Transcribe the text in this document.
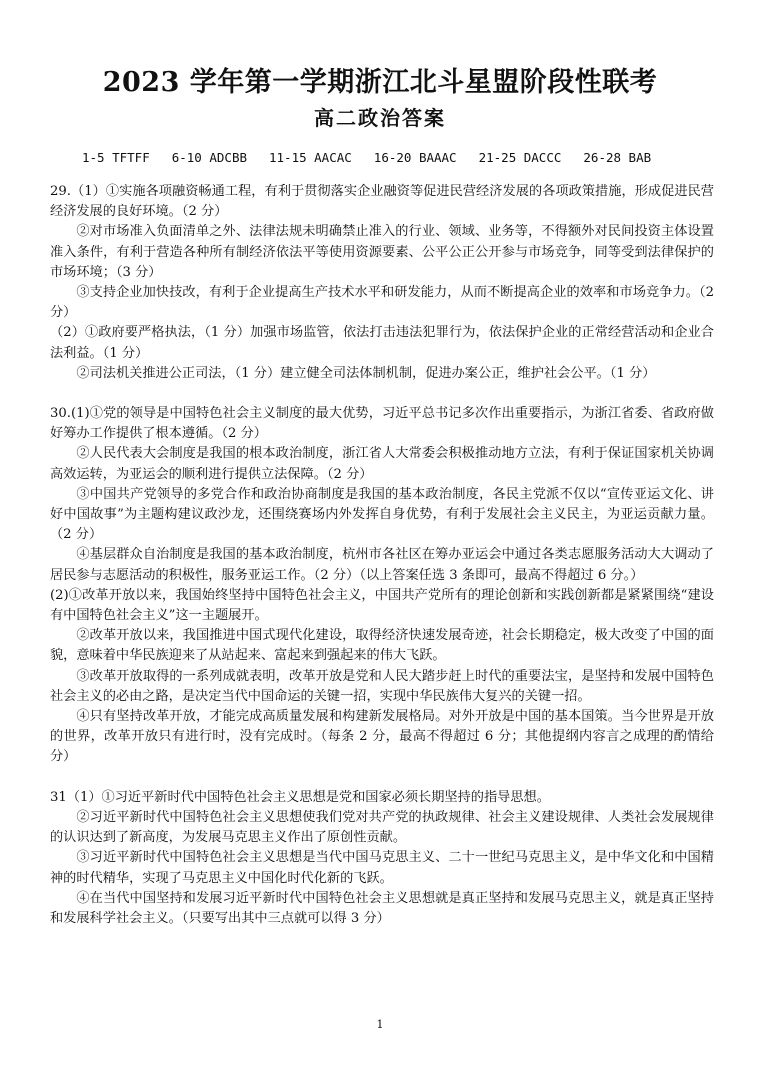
2023 学年第一学期浙江北斗星盟阶段性联考
高二政治答案
1-5 TFTFF 6-10 ADCBB 11-15 AACAC 16-20 BAAAC 21-25 DACCC 26-28 BAB

29.（1）①实施各项融资畅通工程，有利于贯彻落实企业融资等促进民营经济发展的各项政策措施，形成促进民营经济发展的良好环境。（2 分）

②对市场准入负面清单之外、法律法规未明确禁止准入的行业、领域、业务等，不得额外对民间投资主体设置准入条件，有利于营造各种所有制经济依法平等使用资源要素、公平公正公开参与市场竞争，同等受到法律保护的市场环境；（3 分）

③支持企业加快技改，有利于企业提高生产技术水平和研发能力，从而不断提高企业的效率和市场竞争力。（2 分）

（2）①政府要严格执法，（1 分）加强市场监管，依法打击违法犯罪行为，依法保护企业的正常经营活动和企业合法利益。（1 分）

②司法机关推进公正司法，（1 分）建立健全司法体制机制，促进办案公正，维护社会公平。（1 分）

30.(1)①党的领导是中国特色社会主义制度的最大优势，习近平总书记多次作出重要指示，为浙江省委、省政府做好筹办工作提供了根本遵循。（2 分）

②人民代表大会制度是我国的根本政治制度，浙江省人大常委会积极推动地方立法，有利于保证国家机关协调高效运转，为亚运会的顺利进行提供立法保障。（2 分）

③中国共产党领导的多党合作和政治协商制度是我国的基本政治制度，各民主党派不仅以“宣传亚运文化、讲好中国故事”为主题构建议政沙龙，还围绕赛场内外发挥自身优势，有利于发展社会主义民主，为亚运贡献力量。（2 分）

④基层群众自治制度是我国的基本政治制度，杭州市各社区在筹办亚运会中通过各类志愿服务活动大大调动了居民参与志愿活动的积极性，服务亚运工作。（2 分）（以上答案任选 3 条即可，最高不得超过 6 分。）

(2)①改革开放以来，我国始终坚持中国特色社会主义，中国共产党所有的理论创新和实践创新都是紧紧围绕“建设有中国特色社会主义”这一主题展开。

②改革开放以来，我国推进中国式现代化建设，取得经济快速发展奇迹，社会长期稳定，极大改变了中国的面貌，意味着中华民族迎来了从站起来、富起来到强起来的伟大飞跃。

③改革开放取得的一系列成就表明，改革开放是党和人民大踏步赶上时代的重要法宝，是坚持和发展中国特色社会主义的必由之路，是决定当代中国命运的关键一招，实现中华民族伟大复兴的关键一招。

④只有坚持改革开放，才能完成高质量发展和构建新发展格局。对外开放是中国的基本国策。当今世界是开放的世界，改革开放只有进行时，没有完成时。（每条 2 分，最高不得超过 6 分；其他提纲内容言之成理的酌情给分）

31（1）①习近平新时代中国特色社会主义思想是党和国家必须长期坚持的指导思想。

②习近平新时代中国特色社会主义思想使我们党对共产党的执政规律、社会主义建设规律、人类社会发展规律的认识达到了新高度，为发展马克思主义作出了原创性贡献。

③习近平新时代中国特色社会主义思想是当代中国马克思主义、二十一世纪马克思主义，是中华文化和中国精神的时代精华，实现了马克思主义中国化时代化新的飞跃。

④在当代中国坚持和发展习近平新时代中国特色社会主义思想就是真正坚持和发展马克思主义，就是真正坚持和发展科学社会主义。（只要写出其中三点就可以得 3 分）

1
